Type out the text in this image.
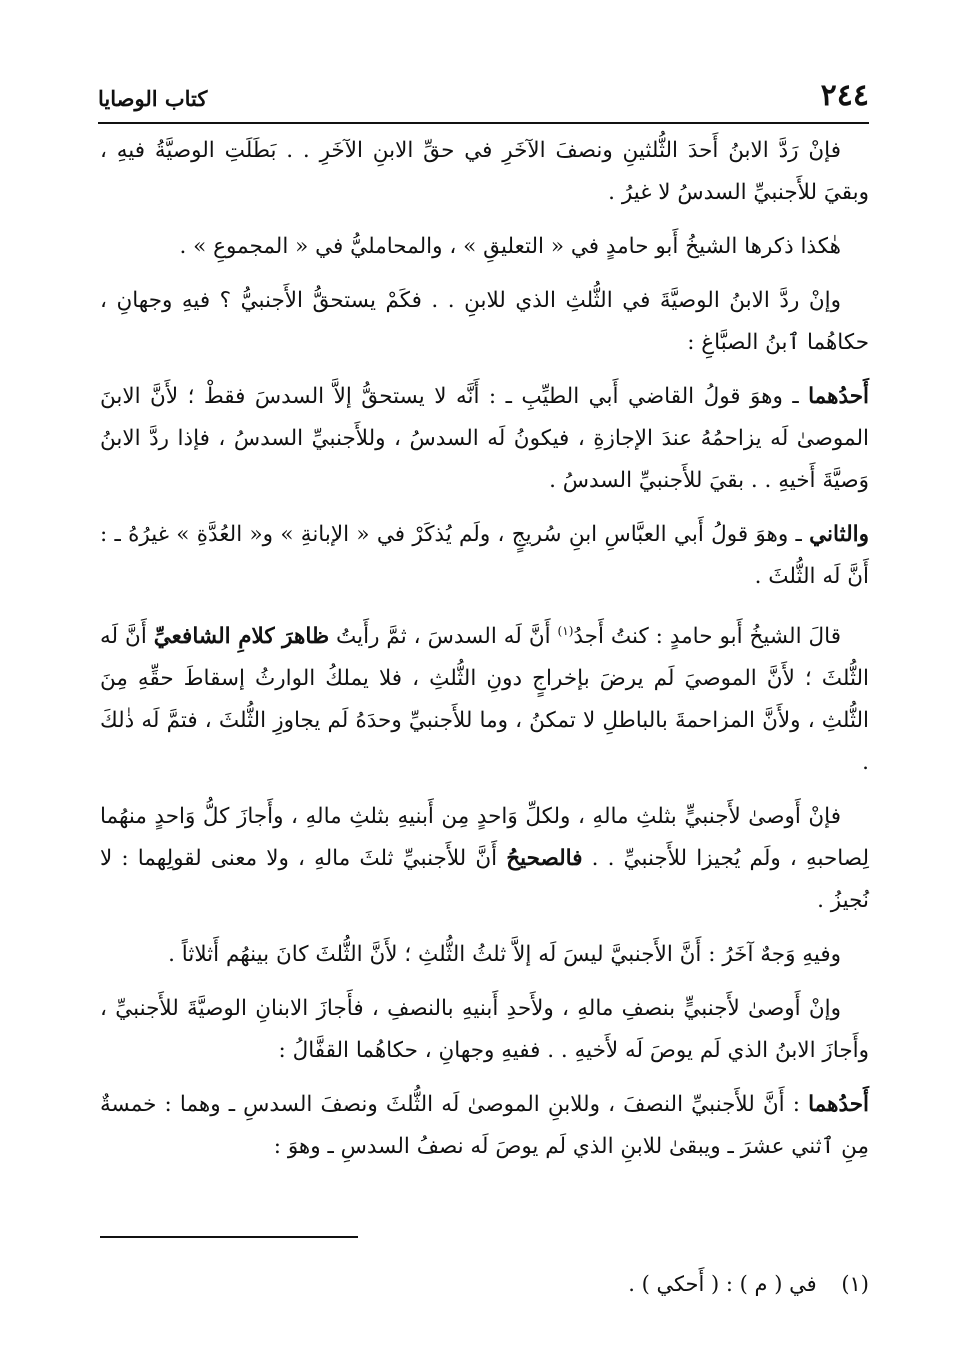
٢٤٤
كتاب الوصايا

فإنْ رَدَّ الابنُ أَحدَ الثُّلثينِ ونصفَ الآخَرِ في حقِّ الابنِ الآخَرِ . . بَطَلَتِ الوصيَّةُ فيهِ ، وبقيَ للأَجنبيِّ السدسُ لا غيرُ .

هٰكذا ذكرها الشيخُ أَبو حامدٍ في « التعليقِ » ، والمحامليُّ في « المجموعِ » .

وإنْ ردَّ الابنُ الوصيَّةَ في الثُّلثِ الذي للابنِ . . فكَمْ يستحقُّ الأَجنبيُّ ؟ فيهِ وجهانِ ، حكاهُما ٱبنُ الصبَّاغِ :

أَحدُهما ـ وهوَ قولُ القاضي أَبي الطيِّبِ ـ : أَنَّه لا يستحقُّ إلاَّ السدسَ فقطْ ؛ لأَنَّ الابنَ الموصىٰ لَه يزاحمُهُ عندَ الإجازةِ ، فيكونُ لَه السدسُ ، وللأَجنبيِّ السدسُ ، فإذا ردَّ الابنُ وَصيَّةَ أَخيهِ . . بقيَ للأَجنبيِّ السدسُ .

والثاني ـ وهوَ قولُ أَبي العبَّاسِ ابنِ سُريجٍ ، ولَم يُذكَرْ في « الإبانةِ » و« العُدَّةِ » غيرُهُ ـ : أَنَّ لَه الثُّلثَ .

قالَ الشيخُ أَبو حامدٍ : كنتُ أَجدُ$^{(١)}$ أَنَّ لَه السدسَ ، ثمَّ رأَيتُ ظاهرَ كلامِ الشافعيِّ أَنَّ لَه الثُّلثَ ؛ لأَنَّ الموصيَ لَم يرضَ بإخراجٍ دونِ الثُّلثِ ، فلا يملكُ الوارثُ إسقاطَ حقِّهِ مِنَ الثُّلثِ ، ولأَنَّ المزاحمةَ بالباطلِ لا تمكنُ ، وما للأَجنبيِّ وحدَهُ لَم يجاوزِ الثُّلثَ ، فتمَّ لَه ذٰلكَ .

فإنْ أَوصىٰ لأَجنبيٍّ بثلثِ مالهِ ، ولكلِّ وَاحدٍ مِن أَبنيهِ بثلثِ مالهِ ، وأَجازَ كلُّ وَاحدٍ منهُما لِصاحبهِ ، ولَم يُجيزا للأَجنبيِّ . . فالصحيحُ أَنَّ للأَجنبيِّ ثلثَ مالهِ ، ولا معنى لقولِهما : لا نُجيزُ .

وفيهِ وَجهٌ آخَرُ : أَنَّ الأَجنبيَّ ليسَ لَه إلاَّ ثلثُ الثُّلثِ ؛ لأَنَّ الثُّلثَ كانَ بينهُم أَثلاثاً .

وإنْ أَوصىٰ لأَجنبيٍّ بنصفِ مالهِ ، ولأَحدِ أَبنيهِ بالنصفِ ، فأَجازَ الابنانِ الوصيَّةَ للأَجنبيِّ ، وأَجازَ الابنُ الذي لَم يوصَ لَه لأَخيهِ . . ففيهِ وجهانِ ، حكاهُما القفَّالُ :

أَحدُهما : أَنَّ للأَجنبيِّ النصفَ ، وللابنِ الموصىٰ لَه الثُّلثَ ونصفَ السدسِ ـ وهما : خمسةٌ مِنِ ٱثني عشرَ ـ ويبقىٰ للابنِ الذي لَم يوصَ لَه نصفُ السدسِ ـ وهوَ :

(١) في ( م ) : ( أَحكي ) .
